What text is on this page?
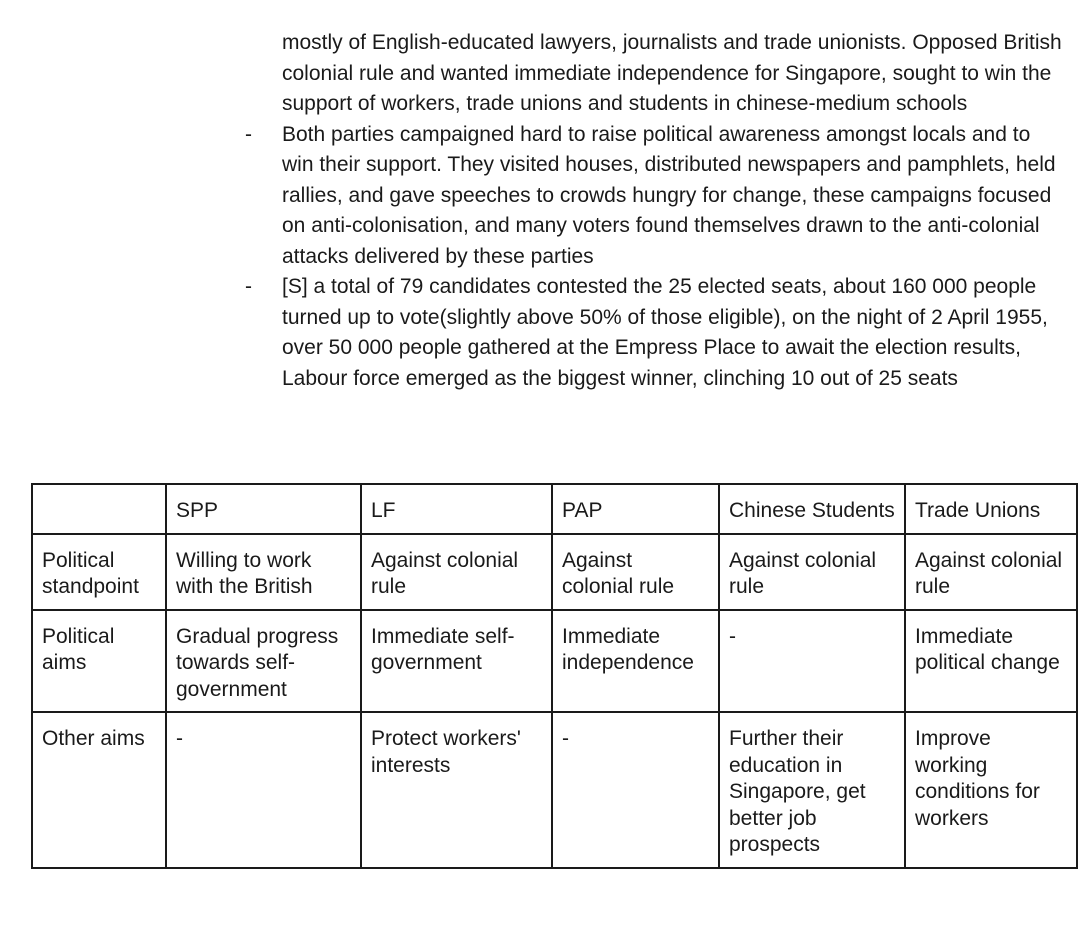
mostly of English-educated lawyers, journalists and trade unionists. Opposed British colonial rule and wanted immediate independence for Singapore, sought to win the support of workers, trade unions and students in chinese-medium schools
-	Both parties campaigned hard to raise political awareness amongst locals and to win their support. They visited houses, distributed newspapers and pamphlets, held rallies, and gave speeches to crowds hungry for change, these campaigns focused on anti-colonisation, and many voters found themselves drawn to the anti-colonial attacks delivered by these parties
-	[S] a total of 79 candidates contested the 25 elected seats, about 160 000 people turned up to vote(slightly above 50% of those eligible), on the night of 2 April 1955, over 50 000 people gathered at the Empress Place to await the election results, Labour force emerged as the biggest winner, clinching 10 out of 25 seats
	SPP	LF	PAP	Chinese Students	Trade Unions
Political standpoint	Willing to work with the British	Against colonial rule	Against colonial rule	Against colonial rule	Against colonial rule
Political aims	Gradual progress towards self-government	Immediate self-government	Immediate independence	-	Immediate political change
Other aims	-	Protect workers' interests	-	Further their education in Singapore, get better job prospects	Improve working conditions for workers
